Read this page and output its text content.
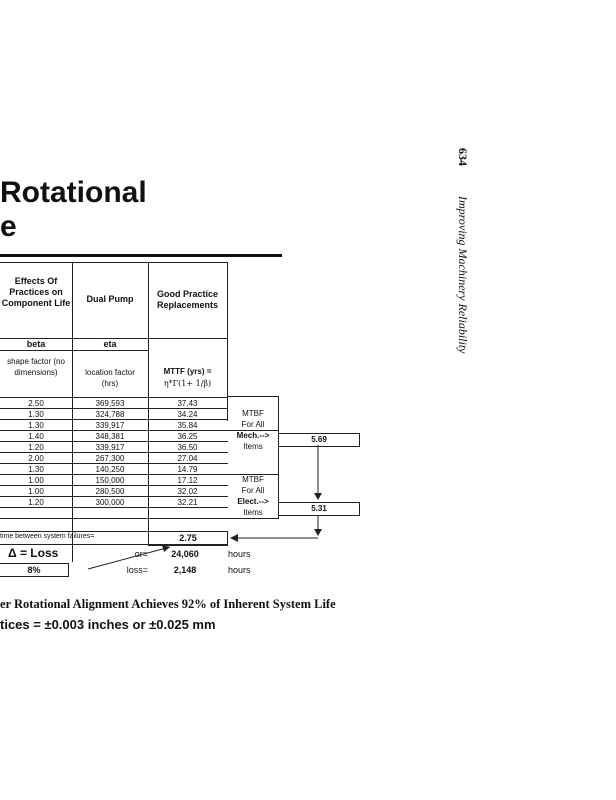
Rotational
e
634
Improving Machinery Reliability
Effects Of Practices on Component Life	Dual Pump	Good Practice Replacements
beta	eta
shape factor (no dimensions)	location factor (hrs)
MTTF (yrs) =
η*Γ(1+ 1/β)
2.50	369,593	37.43
1.30	324,788	34.24
1.30	339,917	35.84
1.40	348,381	36.25
1.20	339,917	36.50
2.00	267,300	27.04
1.30	140,250	14.79
1.00	150,000	17.12
1.00	280,500	32.02
1.20	300,000	32.21
MTBF
For All
Mech.-->
Items
5.69
MTBF
For All
Elect.-->
Items	5.31
time between system failures=	2.75
Δ = Loss
8%
or=	24,060	hours
loss=	2,148	hours
er Rotational Alignment Achieves 92% of Inherent System Life
tices = ±0.003 inches or ±0.025 mm
